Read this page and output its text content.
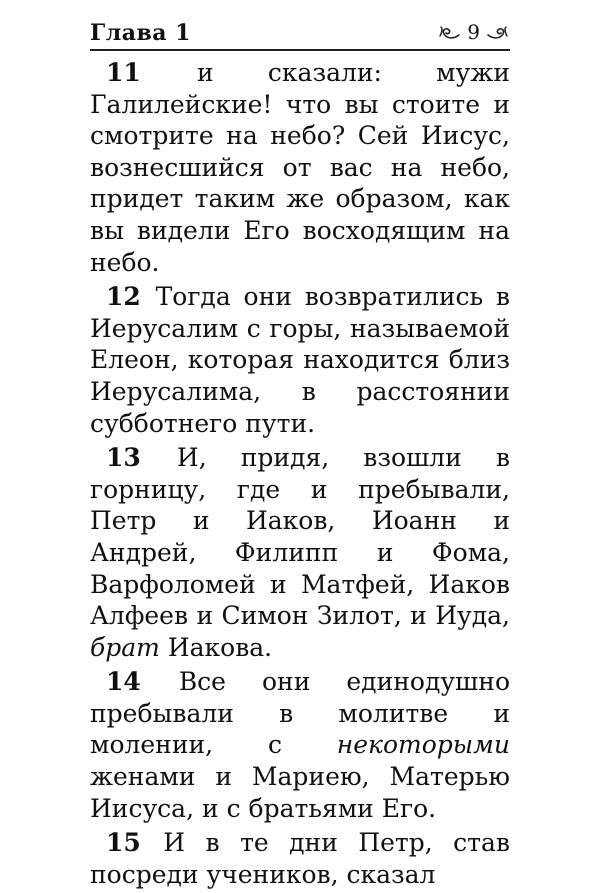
Глава 1	9

11 и сказали: мужи Галилейские! что вы стоите и смотрите на небо? Сей Иисус, вознесшийся от вас на небо, придет таким же образом, как вы видели Его восходящим на небо.

12 Тогда они возвратились в Иерусалим с горы, называемой Елеон, которая находится близ Иерусалима, в расстоянии субботнего пути.

13 И, придя, взошли в горницу, где и пребывали, Петр и Иаков, Иоанн и Андрей, Филипп и Фома, Варфоломей и Матфей, Иаков Алфеев и Симон Зилот, и Иуда, брат Иакова.

14 Все они единодушно пребывали в молитве и молении, с некоторыми женами и Мариею, Матерью Иисуса, и с братьями Его.

15 И в те дни Петр, став посреди учеников, сказал
